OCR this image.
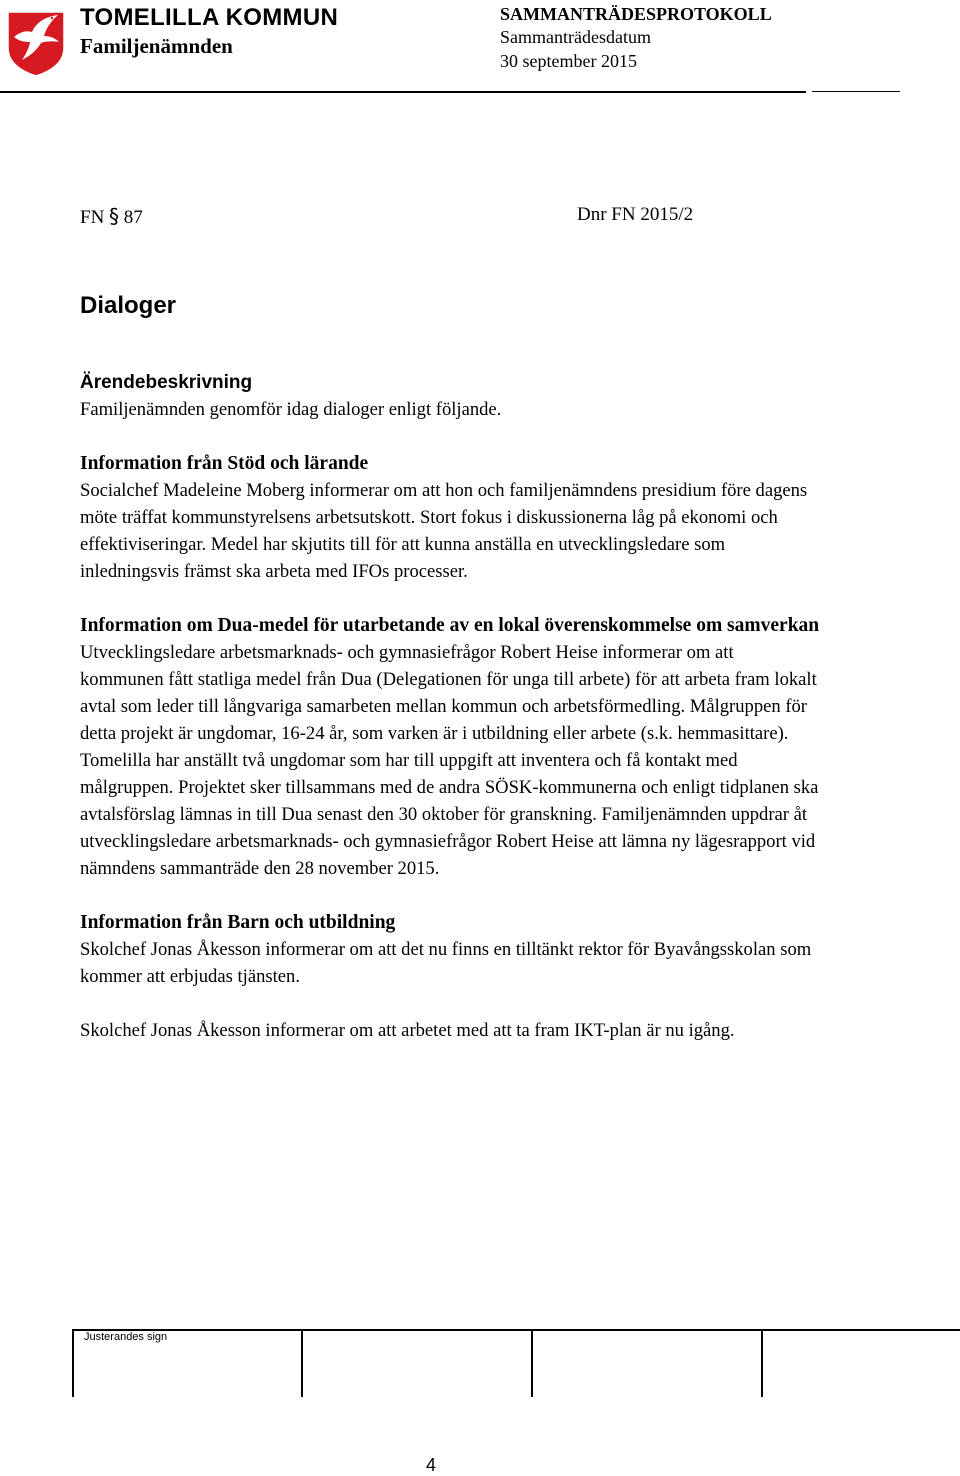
TOMELILLA KOMMUN
Familjenämnden
SAMMANTRÄDESPROTOKOLL
Sammanträdesdatum
30 september 2015
FN § 87	Dnr FN 2015/2
Dialoger
Ärendebeskrivning

Familjenämnden genomför idag dialoger enligt följande.

Information från Stöd och lärande

Socialchef Madeleine Moberg informerar om att hon och familjenämndens presidium före dagens möte träffat kommunstyrelsens arbetsutskott. Stort fokus i diskussionerna låg på ekonomi och effektiviseringar. Medel har skjutits till för att kunna anställa en utvecklingsledare som inledningsvis främst ska arbeta med IFOs processer.

Information om Dua-medel för utarbetande av en lokal överenskommelse om samverkan

Utvecklingsledare arbetsmarknads- och gymnasiefrågor Robert Heise informerar om att kommunen fått statliga medel från Dua (Delegationen för unga till arbete) för att arbeta fram lokalt avtal som leder till långvariga samarbeten mellan kommun och arbetsförmedling. Målgruppen för detta projekt är ungdomar, 16-24 år, som varken är i utbildning eller arbete (s.k. hemmasittare). Tomelilla har anställt två ungdomar som har till uppgift att inventera och få kontakt med målgruppen. Projektet sker tillsammans med de andra SÖSK-kommunerna och enligt tidplanen ska avtalsförslag lämnas in till Dua senast den 30 oktober för granskning. Familjenämnden uppdrar åt utvecklingsledare arbetsmarknads- och gymnasiefrågor Robert Heise att lämna ny lägesrapport vid nämndens sammanträde den 28 november 2015.

Information från Barn och utbildning

Skolchef Jonas Åkesson informerar om att det nu finns en tilltänkt rektor för Byavångsskolan som kommer att erbjudas tjänsten.

Skolchef Jonas Åkesson informerar om att arbetet med att ta fram IKT-plan är nu igång.

Justerandes sign
4
